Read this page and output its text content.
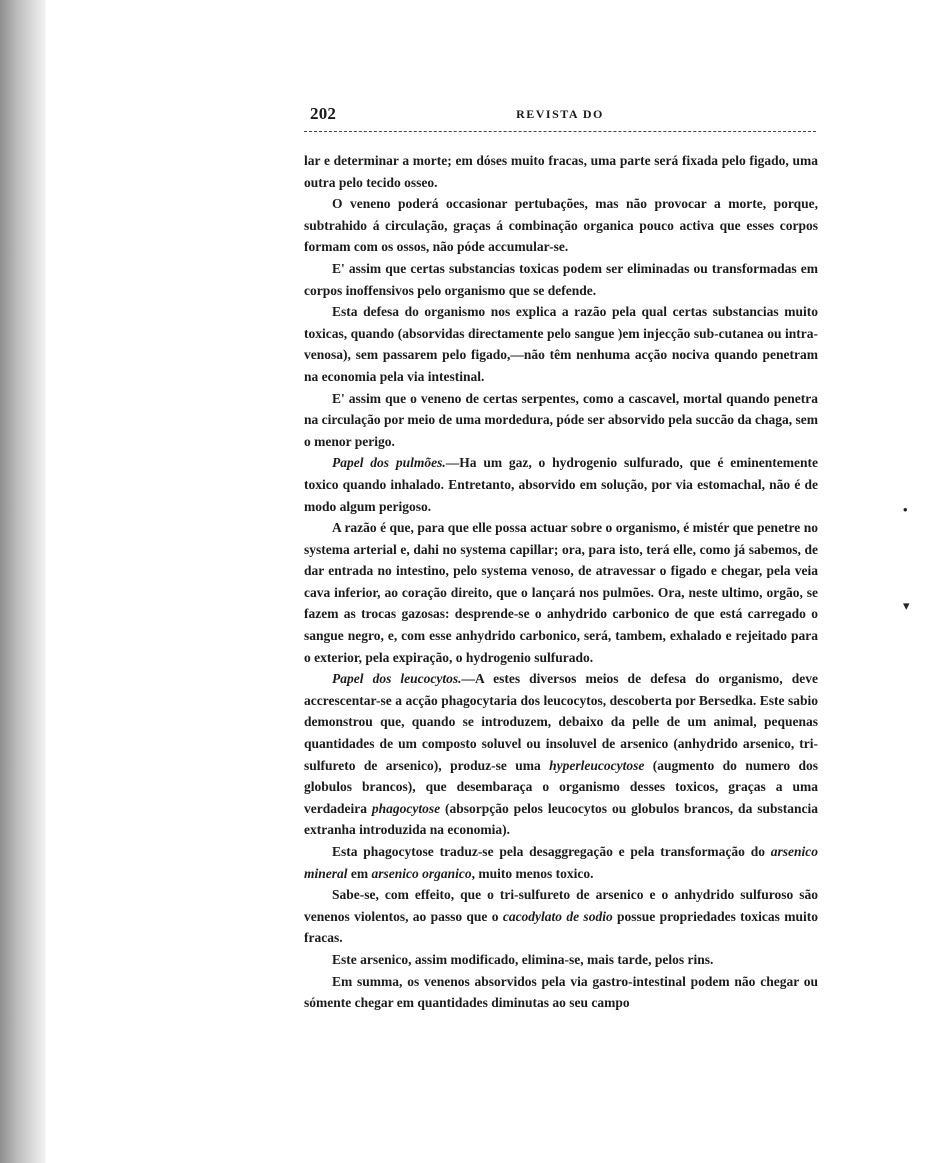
202	REVISTA DO

lar e determinar a morte; em dóses muito fracas, uma parte será fixada pelo figado, uma outra pelo tecido osseo.

O veneno poderá occasionar pertubações, mas não provocar a morte, porque, subtrahido á circulação, graças á combinação organica pouco activa que esses corpos formam com os ossos, não póde accumular-se.

E' assim que certas substancias toxicas podem ser eliminadas ou transformadas em corpos inoffensivos pelo organismo que se defende.

Esta defesa do organismo nos explica a razão pela qual certas substancias muito toxicas, quando (absorvidas directamente pelo sangue )em injecção sub-cutanea ou intra-venosa), sem passarem pelo figado,—não têm nenhuma acção nociva quando penetram na economia pela via intestinal.

E' assim que o veneno de certas serpentes, como a cascavel, mortal quando penetra na circulação por meio de uma mordedura, póde ser absorvido pela succão da chaga, sem o menor perigo.

Papel dos pulmões.—Ha um gaz, o hydrogenio sulfurado, que é eminentemente toxico quando inhalado. Entretanto, absorvido em solução, por via estomachal, não é de modo algum perigoso.

A razão é que, para que elle possa actuar sobre o organismo, é mistér que penetre no systema arterial e, dahi no systema capillar; ora, para isto, terá elle, como já sabemos, de dar entrada no intestino, pelo systema venoso, de atravessar o figado e chegar, pela veia cava inferior, ao coração direito, que o lançará nos pulmões. Ora, neste ultimo, orgão, se fazem as trocas gazosas: desprende-se o anhydrido carbonico de que está carregado o sangue negro, e, com esse anhydrido carbonico, será, tambem, exhalado e rejeitado para o exterior, pela expiração, o hydrogenio sulfurado.

Papel dos leucocytos.—A estes diversos meios de defesa do organismo, deve accrescentar-se a acção phagocytaria dos leucocytos, descoberta por Bersedka. Este sabio demonstrou que, quando se introduzem, debaixo da pelle de um animal, pequenas quantidades de um composto soluvel ou insoluvel de arsenico (anhydrido arsenico, tri-sulfureto de arsenico), produz-se uma hyperleucocytose (augmento do numero dos globulos brancos), que desembaraça o organismo desses toxicos, graças a uma verdadeira phagocytose (absorpção pelos leucocytos ou globulos brancos, da substancia extranha introduzida na economia).

Esta phagocytose traduz-se pela desaggregação e pela transformação do arsenico mineral em arsenico organico, muito menos toxico.

Sabe-se, com effeito, que o tri-sulfureto de arsenico e o anhydrido sulfuroso são venenos violentos, ao passo que o cacodylato de sodio possue propriedades toxicas muito fracas.

Este arsenico, assim modificado, elimina-se, mais tarde, pelos rins.

Em summa, os venenos absorvidos pela via gastro-intestinal podem não chegar ou sómente chegar em quantidades diminutas ao seu campo

•
▾
